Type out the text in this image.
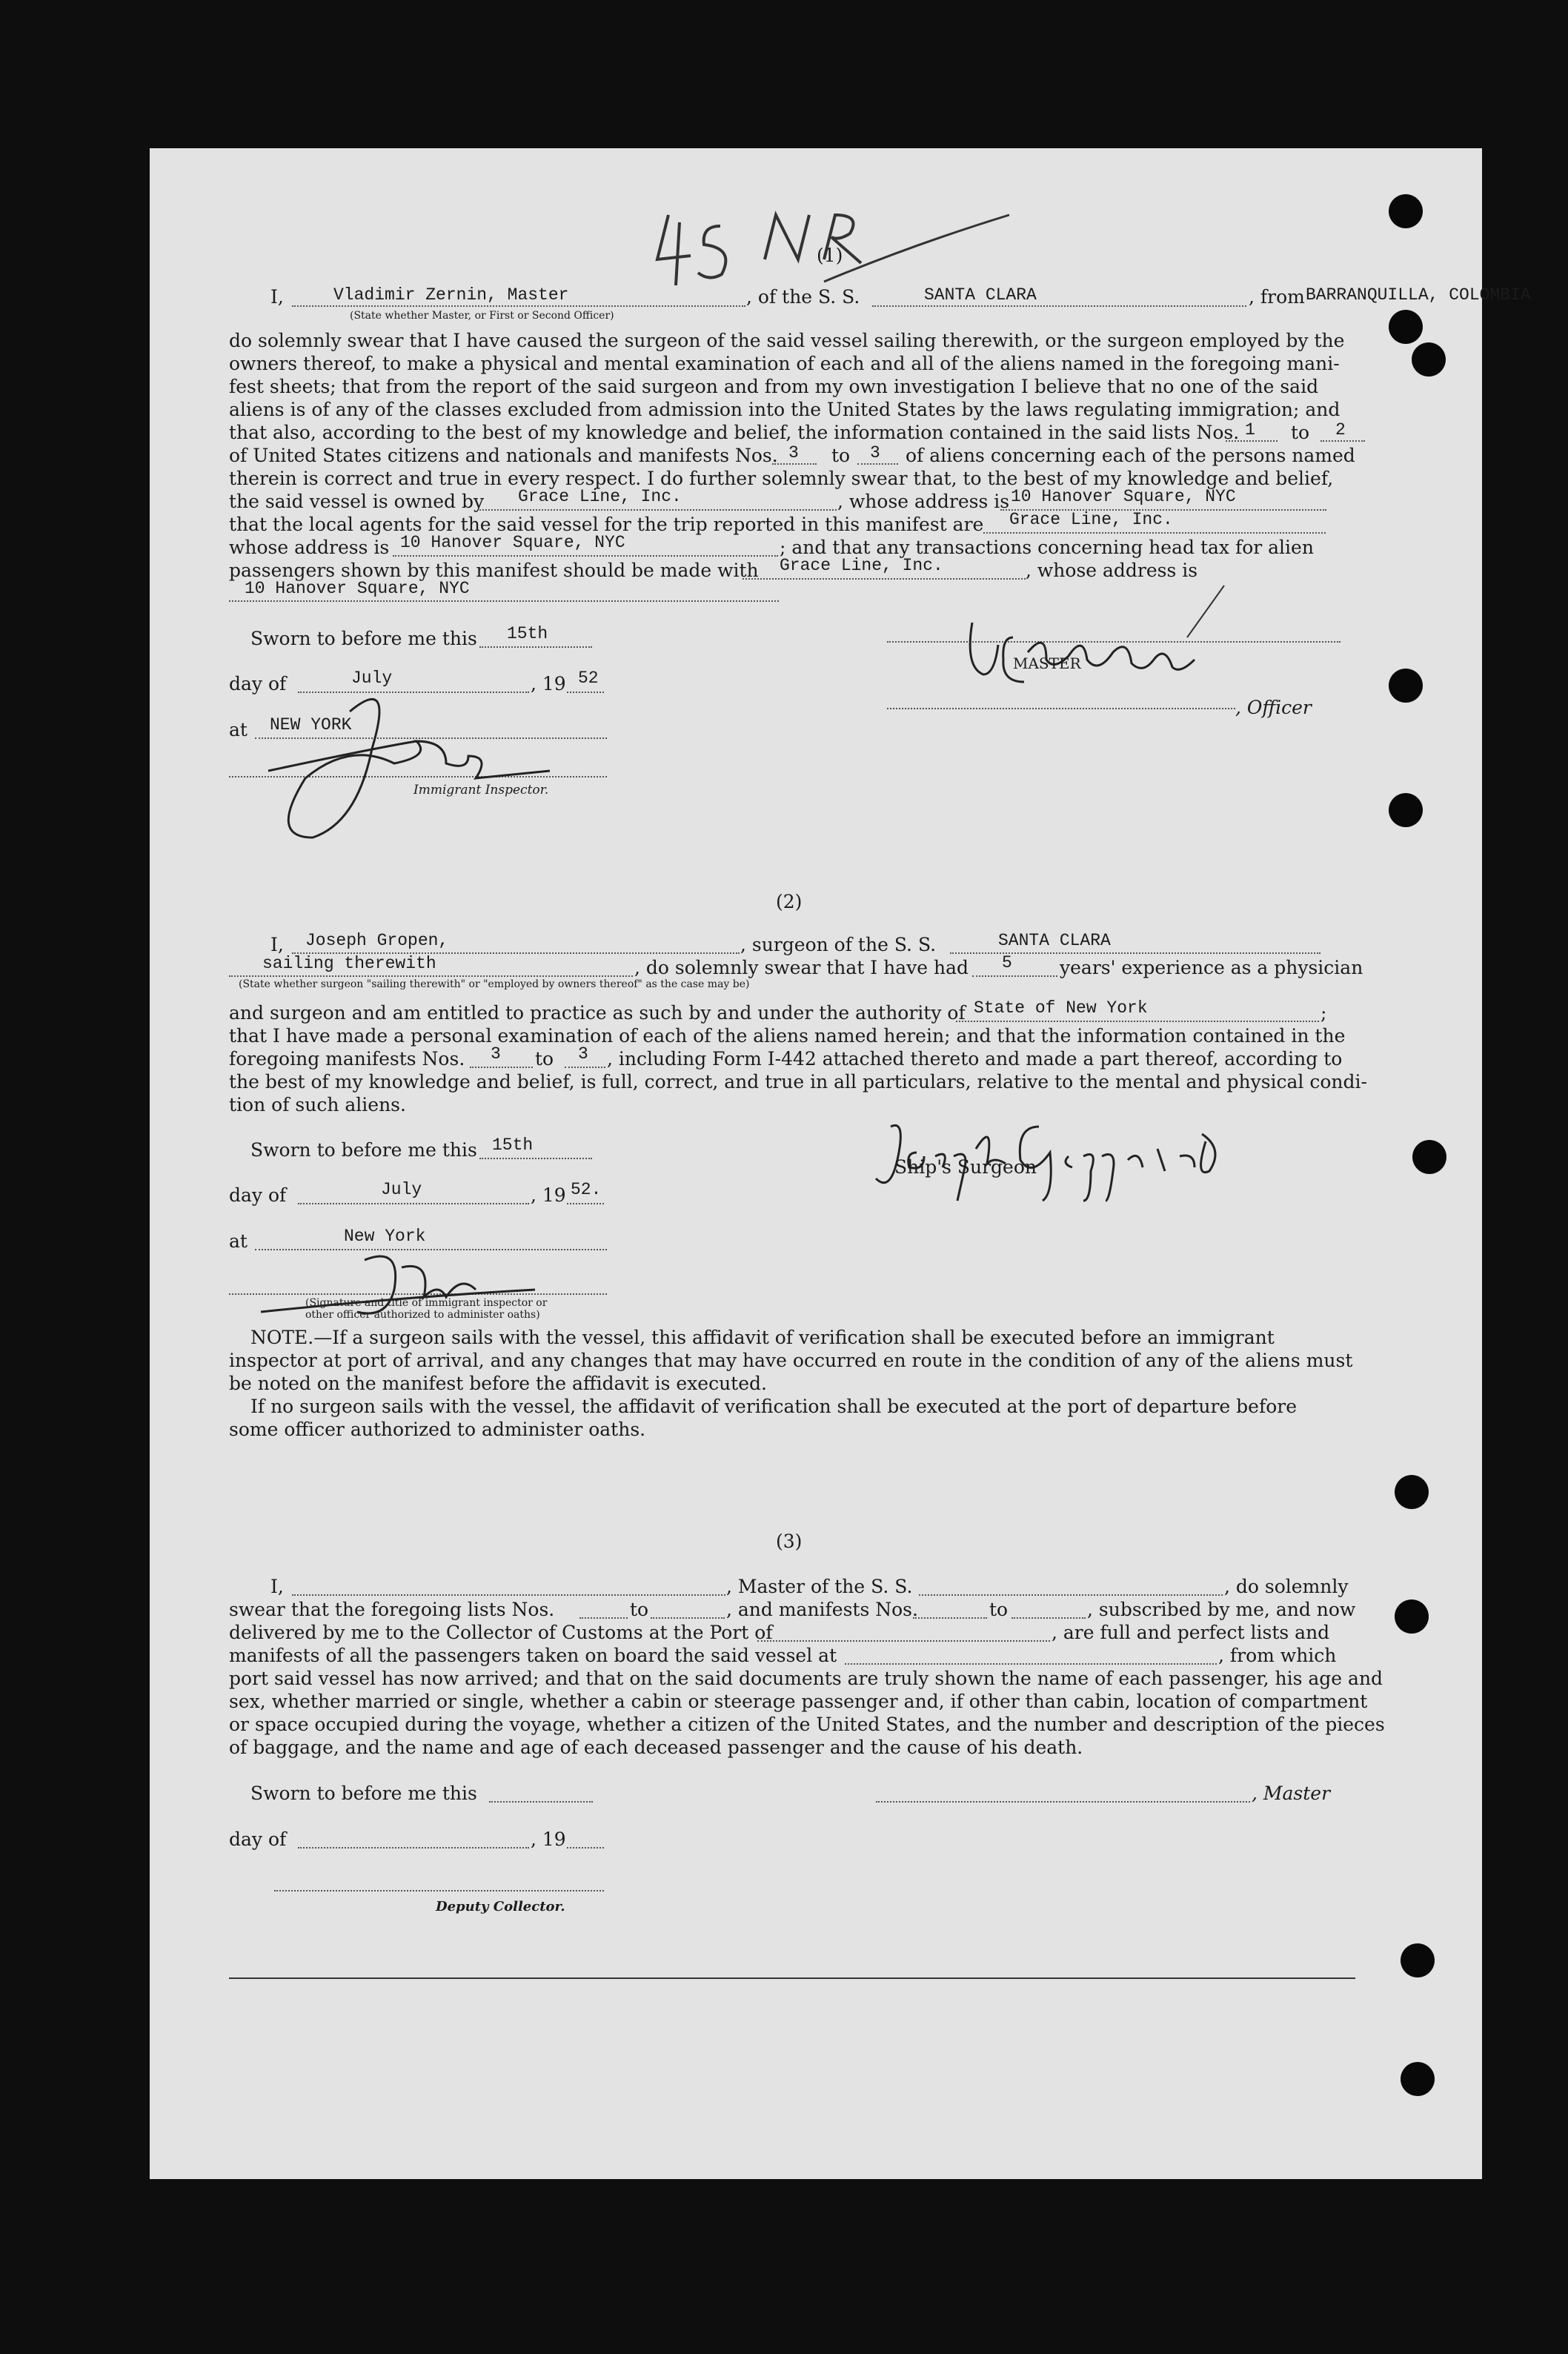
(1)
I,	Vladimir Zernin, Master	, of the S. S.	SANTA CLARA	, from BARRANQUILLA, COLOMBIA
(State whether Master, or First or Second Officer)
do solemnly swear that I have caused the surgeon of the said vessel sailing therewith, or the surgeon employed by the
owners thereof, to make a physical and mental examination of each and all of the aliens named in the foregoing mani-
fest sheets; that from the report of the said surgeon and from my own investigation I believe that no one of the said
aliens is of any of the classes excluded from admission into the United States by the laws regulating immigration; and
that also, according to the best of my knowledge and belief, the information contained in the said lists Nos. 1 to 2
of United States citizens and nationals and manifests Nos. 3 to 3 of aliens concerning each of the persons named
therein is correct and true in every respect. I do further solemnly swear that, to the best of my knowledge and belief,
the said vessel is owned by Grace Line, Inc.	, whose address is 10 Hanover Square, NYC
that the local agents for the said vessel for the trip reported in this manifest are Grace Line, Inc.
whose address is 10 Hanover Square, NYC	; and that any transactions concerning head tax for alien
passengers shown by this manifest should be made with Grace Line, Inc.	, whose address is
10 Hanover Square, NYC
Sworn to before me this 15th
day of	July	, 19 52
at NEW YORK
Immigrant Inspector.
MASTER
, Officer
(2)
I, Joseph Gropen,	, surgeon of the S. S.	SANTA CLARA
sailing therewith	, do solemnly swear that I have had 5	years' experience as a physician
(State whether surgeon "sailing therewith" or "employed by owners thereof" as the case may be)
and surgeon and am entitled to practice as such by and under the authority of State of New York	;
that I have made a personal examination of each of the aliens named herein; and that the information contained in the
foregoing manifests Nos. 3 to 3 , including Form I-442 attached thereto and made a part thereof, according to
the best of my knowledge and belief, is full, correct, and true in all particulars, relative to the mental and physical condi-
tion of such aliens.
Sworn to before me this 15th
day of	July	, 19 52.
at	New York
(Signature and title of immigrant inspector or
other officer authorized to administer oaths)
Ship's Surgeon
NOTE.—If a surgeon sails with the vessel, this affidavit of verification shall be executed before an immigrant
inspector at port of arrival, and any changes that may have occurred en route in the condition of any of the aliens must
be noted on the manifest before the affidavit is executed.
If no surgeon sails with the vessel, the affidavit of verification shall be executed at the port of departure before
some officer authorized to administer oaths.
(3)
I,	, Master of the S. S.	, do solemnly
swear that the foregoing lists Nos.	to	, and manifests Nos.	to	, subscribed by me, and now
delivered by me to the Collector of Customs at the Port of	, are full and perfect lists and
manifests of all the passengers taken on board the said vessel at	, from which
port said vessel has now arrived; and that on the said documents are truly shown the name of each passenger, his age and
sex, whether married or single, whether a cabin or steerage passenger and, if other than cabin, location of compartment
or space occupied during the voyage, whether a citizen of the United States, and the number and description of the pieces
of baggage, and the name and age of each deceased passenger and the cause of his death.
Sworn to before me this	, Master
day of	, 19
Deputy Collector.
